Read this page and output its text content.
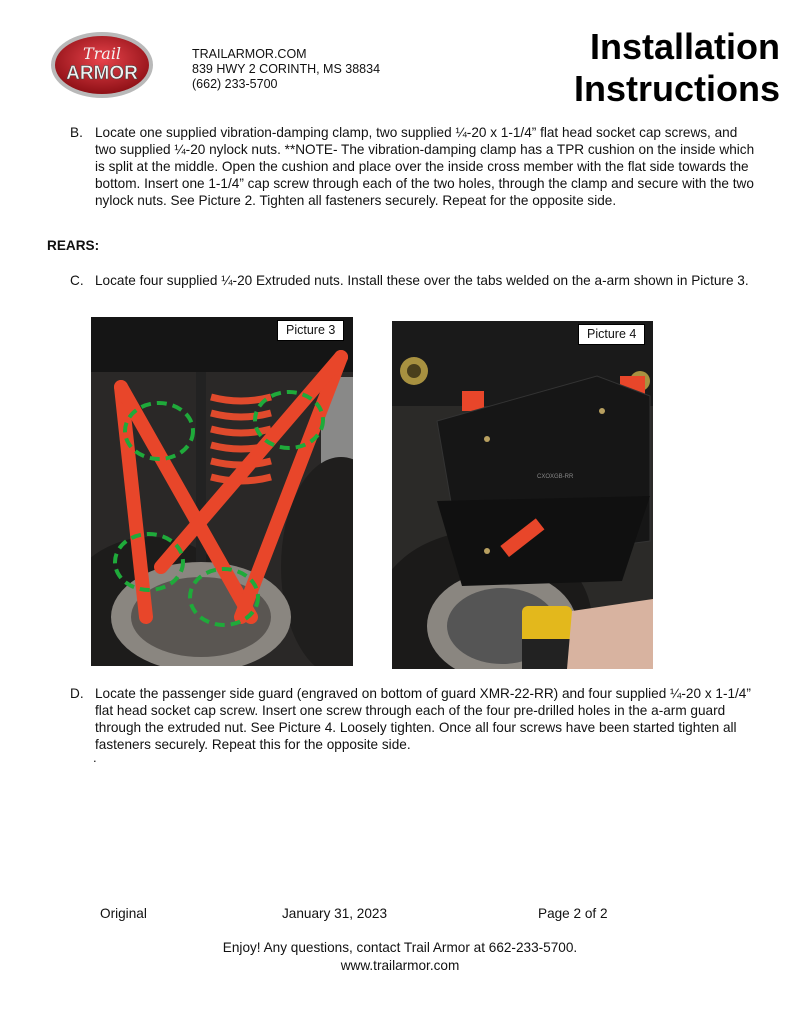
Trail
ARMOR
TRAILARMOR.COM
839 HWY 2 CORINTH, MS 38834
(662) 233-5700
Installation
Instructions
B. Locate one supplied vibration-damping clamp, two supplied ¼-20 x 1-1/4” flat head socket cap screws, and two supplied ¼-20 nylock nuts. **NOTE- The vibration-damping clamp has a TPR cushion on the inside which is split at the middle. Open the cushion and place over the inside cross member with the flat side towards the bottom. Insert one 1-1/4” cap screw through each of the two holes, through the clamp and secure with the two nylock nuts. See Picture 2. Tighten all fasteners securely. Repeat for the opposite side.
REARS:
C. Locate four supplied ¼-20 Extruded nuts. Install these over the tabs welded on the a-arm shown in Picture 3.
Picture 3
CXOXGB-RR
Picture 4
D. Locate the passenger side guard (engraved on bottom of guard XMR-22-RR) and four supplied ¼-20 x 1-1/4” flat head socket cap screw. Insert one screw through each of the four pre-drilled holes in the a-arm guard through the extruded nut. See Picture 4. Loosely tighten. Once all four screws have been started tighten all fasteners securely. Repeat this for the opposite side.
.
Original	January 31, 2023	Page 2 of 2
Enjoy! Any questions, contact Trail Armor at 662-233-5700.
www.trailarmor.com
